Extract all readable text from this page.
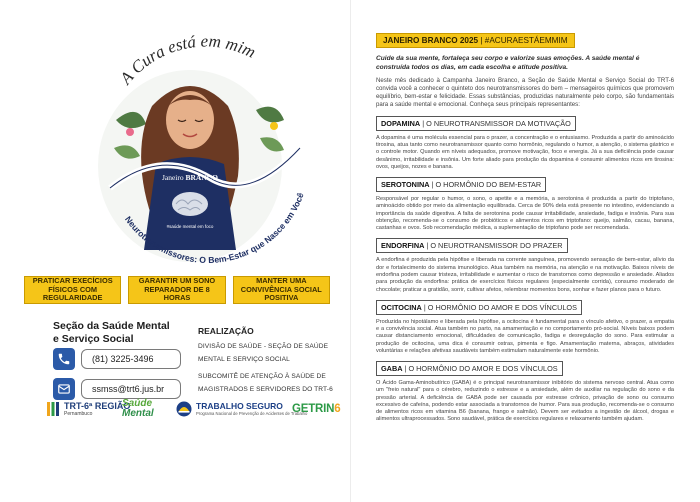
Janeiro BRANCO
#saúde mental em foco
A Cura está em mim
Neurotransmissores: O Bem-Estar que Nasce em Você
PRATICAR EXECÍCIOS FÍSICOS COM REGULARIDADE
GARANTIR UM SONO REPARADOR DE 8 HORAS
MANTER UMA CONVIVÊNCIA SOCIAL POSITIVA
Seção da Saúde Mental
e Serviço Social
(81) 3225-3496
ssmss@trt6.jus.br
REALIZAÇÃO
DIVISÃO DE SAÚDE - SEÇÃO DE SAÚDE
MENTAL E SERVIÇO SOCIAL
SUBCOMITÊ DE ATENÇÃO À SAÚDE DE
MAGISTRADOS E SERVIDORES DO TRT-6
TRT-6ª REGIÃO
Pernambuco
Saúde
Mental
TRABALHO SEGURO
Programa Nacional de Prevenção de Acidentes de Trabalho
GETRIN 6
JANEIRO BRANCO 2025 | #ACURAESTÁEMMIM
Cuide da sua mente, fortaleça seu corpo e valorize suas emoções. A saúde mental é construída todos os dias, em cada escolha e atitude positiva.
Neste mês dedicado à Campanha Janeiro Branco, a Seção de Saúde Mental e Serviço Social do TRT-6 convida você a conhecer o quinteto dos neurotransmissores do bem – mensageiros químicos que promovem equilíbrio, bem-estar e felicidade. Essas substâncias, produzidas naturalmente pelo corpo, são fundamentais para a saúde mental e emocional. Conheça seus principais representantes:
DOPAMINA | O NEUROTRANSMISSOR DA MOTIVAÇÃO
A dopamina é uma molécula essencial para o prazer, a concentração e o entusiasmo. Produzida a partir do aminoácido tirosina, atua tanto como neurotransmissor quanto como hormônio, regulando o humor, a atenção, o sistema gástrico e o controle motor. Quando em níveis adequados, promove motivação, foco e energia. Já a sua deficiência pode causar desânimo, irritabilidade e insônia. Um forte aliado para produção da dopamina é consumir alimentos ricos em tirosina: ovos, queijos, nozes e banana.
SEROTONINA | O HORMÔNIO DO BEM-ESTAR
Responsável por regular o humor, o sono, o apetite e a memória, a serotonina é produzida a partir do triptofano, aminoácido obtido por meio da alimentação equilibrada. Cerca de 90% dela está presente no intestino, evidenciando a importância da saúde digestiva. A falta de serotonina pode causar irritabilidade, ansiedade, fadiga e insônia. Para sua obtenção, recomenda-se o consumo de probióticos e alimentos ricos em triptofano: queijo, salmão, cacau, banana, castanhas e ovos. Sob recomendação médica, a suplementação de triptofano pode ser recomendada.
ENDORFINA | O NEUROTRANSMISSOR DO PRAZER
A endorfina é produzida pela hipófise e liberada na corrente sanguínea, promovendo sensação de bem-estar, alívio da dor e fortalecimento do sistema imunológico. Atua também na memória, na atenção e na motivação. Baixos níveis de endorfina podem causar tristeza, irritabilidade e aumentar o risco de transtornos como depressão e ansiedade. Aliados para produção da endorfina: prática de exercícios físicos regulares (especialmente corrida), consumo moderado de chocolate; praticar a gratidão, sorrir, cultivar afetos, relembrar momentos bons, sonhar e fazer planos para o futuro.
OCITOCINA | O HORMÔNIO DO AMOR E DOS VÍNCULOS
Produzida no hipotálamo e liberada pela hipófise, a ocitocina é fundamental para o vínculo afetivo, o prazer, a empatia e a convivência social. Atua também no parto, na amamentação e no comportamento pró-social. Níveis baixos podem causar distanciamento emocional, dificuldades de comunicação, fadiga e desregulação do sono. Para estimular a produção de ocitocina, uma dica é consumir ostras, pimenta e figo. Amamentação materna, abraços, atividades voluntárias e relações afetivas saudáveis também estimulam naturalmente este hormônio.
GABA | O HORMÔNIO DO AMOR E DOS VÍNCULOS
O Ácido Gama-Aminobutírico (GABA) é o principal neurotransmissor inibitório do sistema nervoso central. Atua como um "freio natural" para o cérebro, reduzindo o estresse e a ansiedade, além de auxiliar na regulação do sono e da pressão arterial. A deficiência de GABA pode ser causada por estresse crônico, privação de sono ou consumo excessivo de cafeína, podendo estar associada a transtornos de humor. Para sua produção, recomenda-se o consumo de alimentos ricos em vitamina B6 (banana, frango e salmão). Devem ser evitados a ingestão de álcool, drogas e alimentos ultraprocessados. Sono saudável, prática de exercícios regulares e relaxamento também ajudam.
